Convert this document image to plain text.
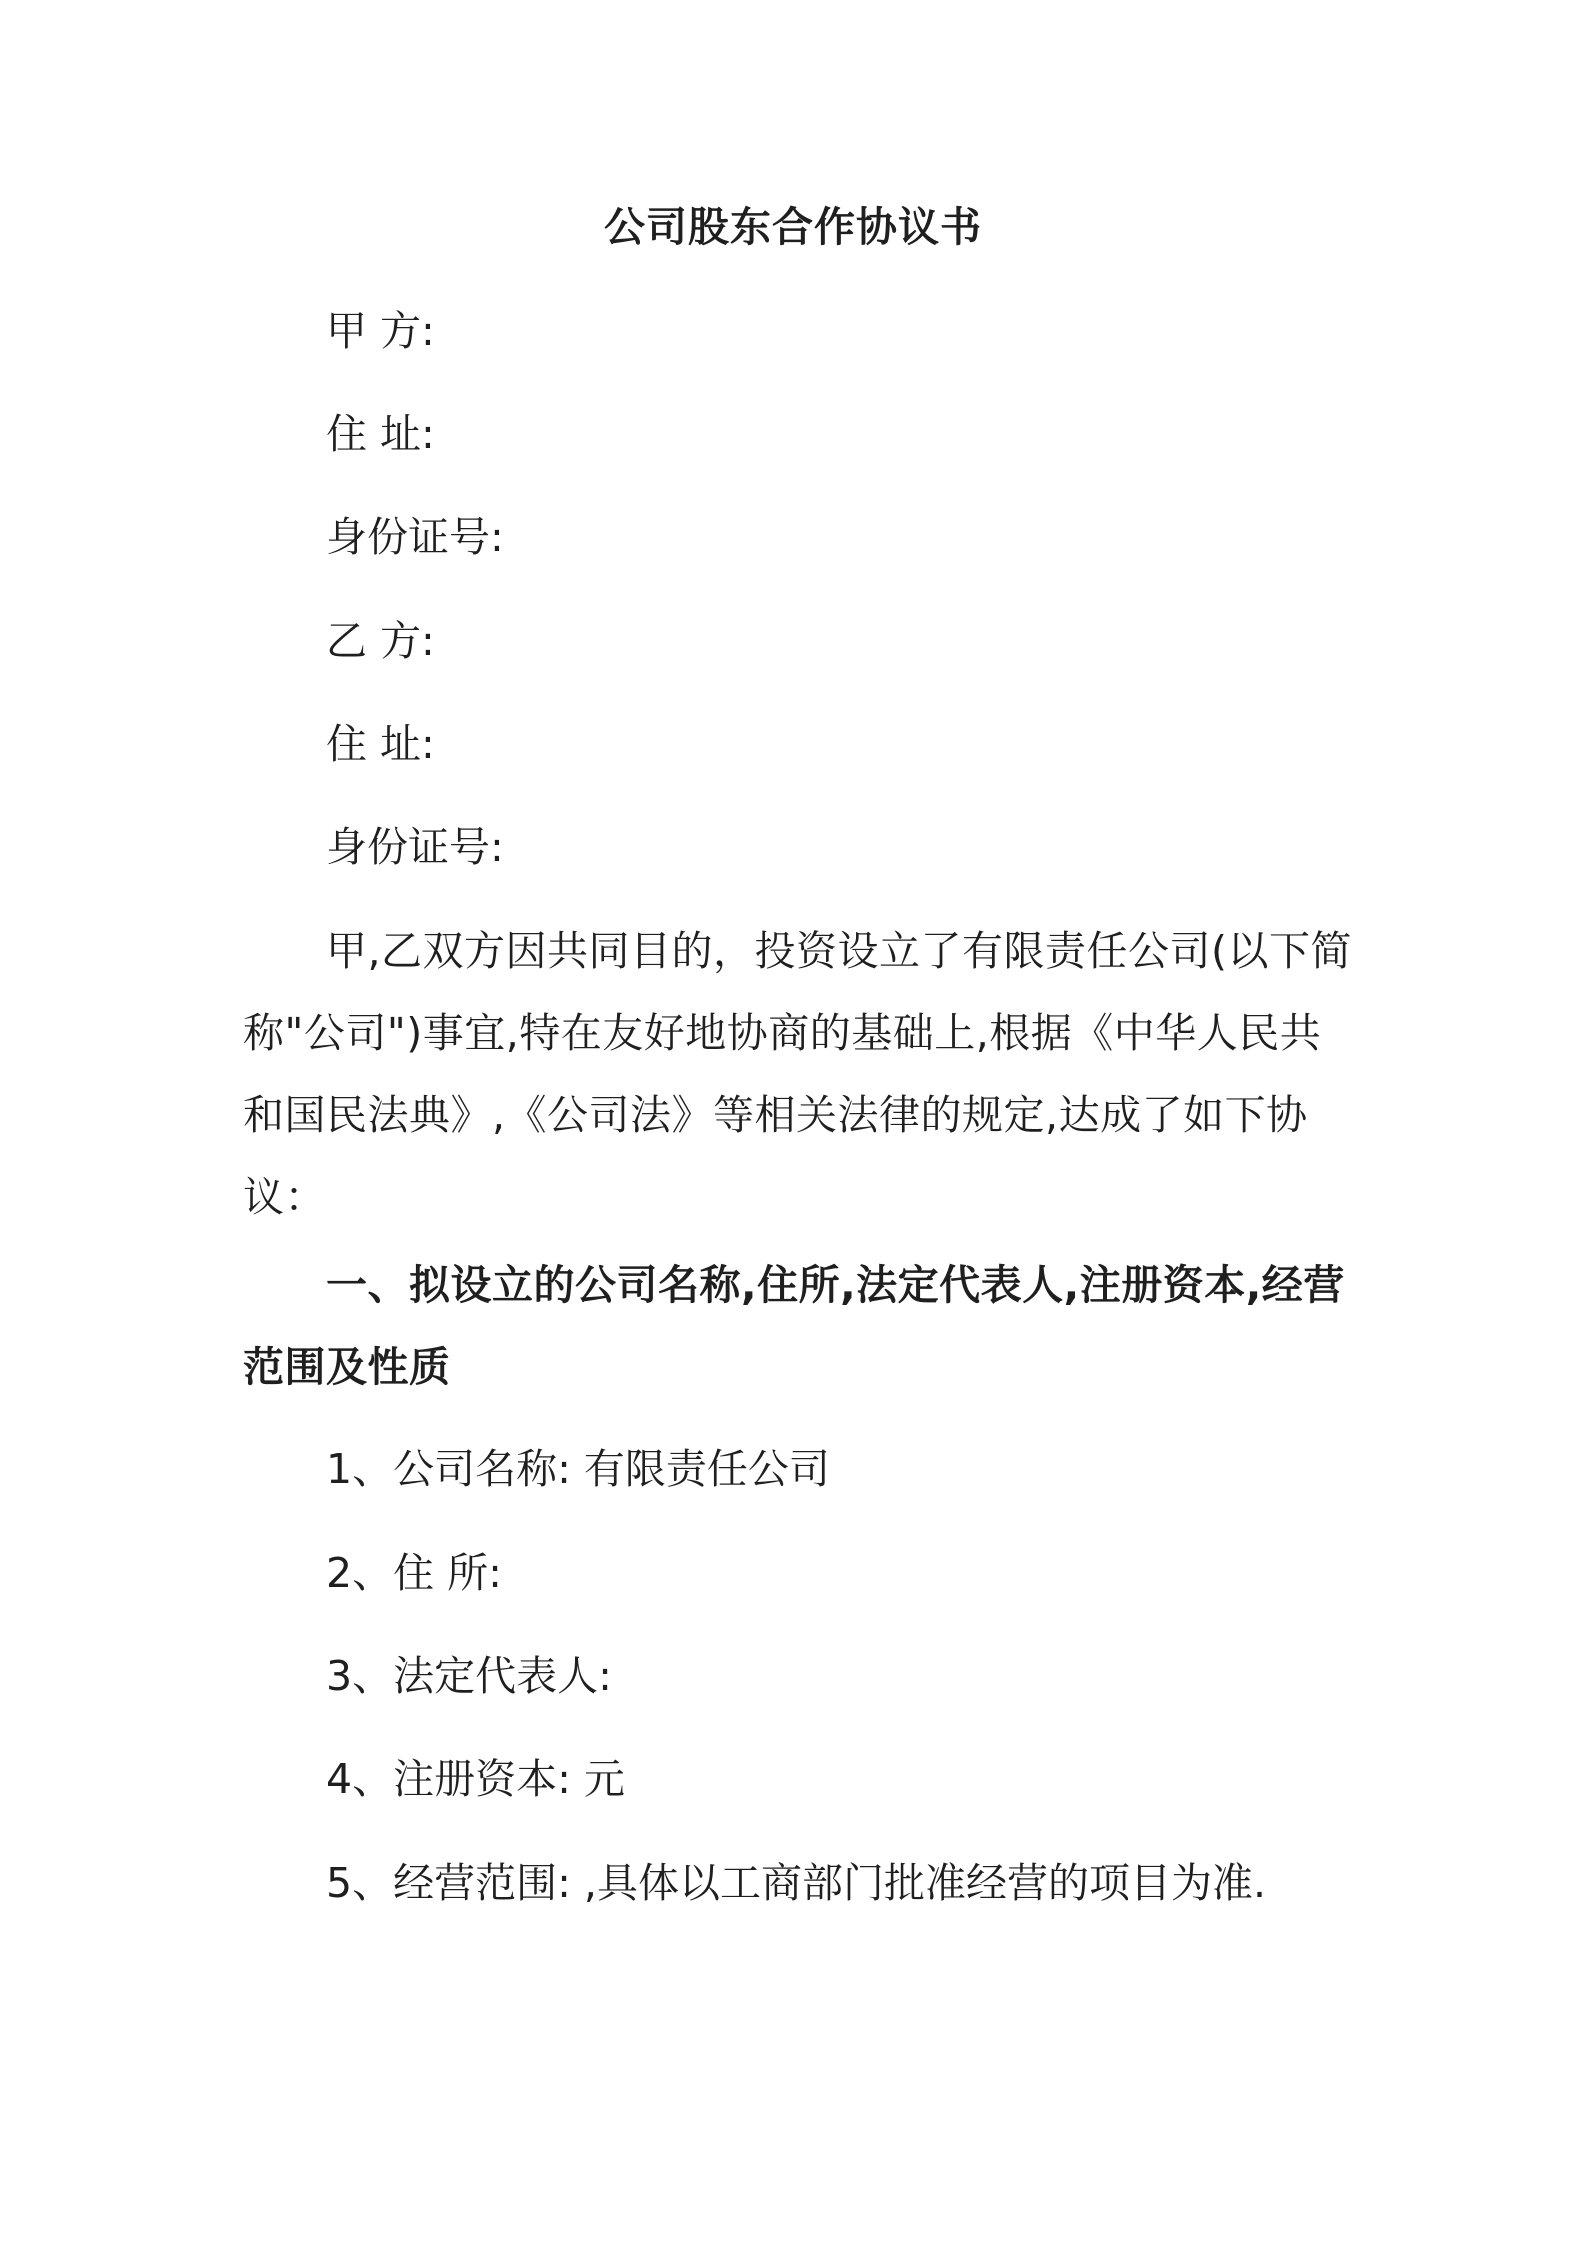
公司股东合作协议书
甲 方:
住 址:
身份证号:
乙 方:
住 址:
身份证号:

甲,乙双方因共同目的，投资设立了有限责任公司(以下简称"公司")事宜,特在友好地协商的基础上,根据《中华人民共和国民法典》,《公司法》等相关法律的规定,达成了如下协议：

一、拟设立的公司名称,住所,法定代表人,注册资本,经营范围及性质

1、公司名称: 有限责任公司
2、住 所:
3、法定代表人:
4、注册资本: 元
5、经营范围: ,具体以工商部门批准经营的项目为准.
